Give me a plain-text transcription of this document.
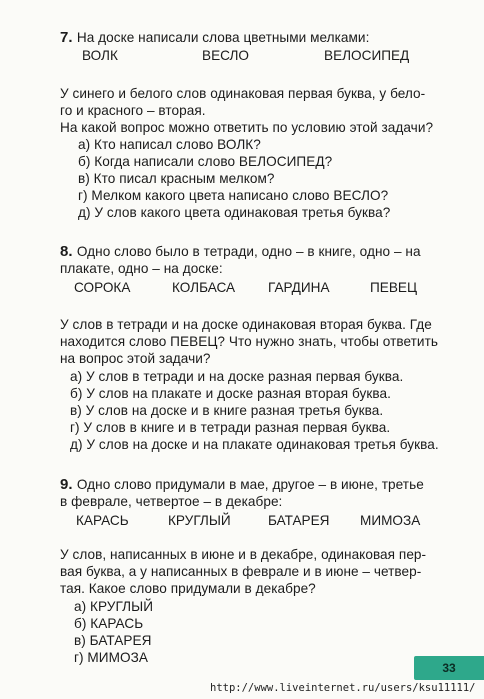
7. На доске написали слова цветными мелками:
ВОЛК	ВЕСЛО	ВЕЛОСИПЕД
У синего и белого слов одинаковая первая буква, у бело-
го и красного – вторая.
На какой вопрос можно ответить по условию этой задачи?
а) Кто написал слово ВОЛК?
б) Когда написали слово ВЕЛОСИПЕД?
в) Кто писал красным мелком?
г) Мелком какого цвета написано слово ВЕСЛО?
д) У слов какого цвета одинаковая третья буква?
8. Одно слово было в тетради, одно – в книге, одно – на
плакате, одно – на доске:
СОРОКА	КОЛБАСА ГАРДИНА	ПЕВЕЦ
У слов в тетради и на доске одинаковая вторая буква. Где
находится слово ПЕВЕЦ? Что нужно знать, чтобы ответить
на вопрос этой задачи?
а) У слов в тетради и на доске разная первая буква.
б) У слов на плакате и доске разная вторая буква.
в) У слов на доске и в книге разная третья буква.
г) У слов в книге и в тетради разная первая буква.
д) У слов на доске и на плакате одинаковая третья буква.
9. Одно слово придумали в мае, другое – в июне, третье
в феврале, четвертое – в декабре:
КАРАСЬ	КРУГЛЫЙ	БАТАРЕЯ МИМОЗА
У слов, написанных в июне и в декабре, одинаковая пер-
вая буква, а у написанных в феврале и в июне – четвер-
тая. Какое слово придумали в декабре?
а) КРУГЛЫЙ
б) КАРАСЬ
в) БАТАРЕЯ
г) МИМОЗА
33
http://www.liveinternet.ru/users/ksu11111/
